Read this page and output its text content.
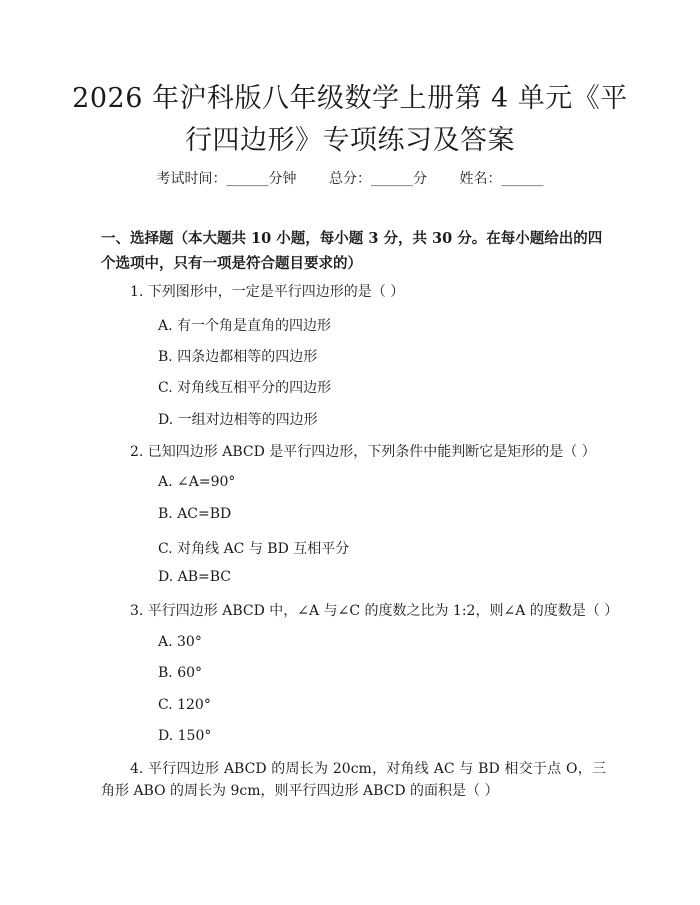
2026 年沪科版八年级数学上册第 4 单元《平行四边形》专项练习及答案
考试时间：______分钟 总分：______分 姓名：______
一、选择题（本大题共 10 小题，每小题 3 分，共 30 分。在每小题给出的四个选项中，只有一项是符合题目要求的）
1. 下列图形中，一定是平行四边形的是（ ）
A. 有一个角是直角的四边形
B. 四条边都相等的四边形
C. 对角线互相平分的四边形
D. 一组对边相等的四边形
2. 已知四边形 ABCD 是平行四边形，下列条件中能判断它是矩形的是（ ）
A. ∠A=90°
B. AC=BD
C. 对角线 AC 与 BD 互相平分
D. AB=BC
3. 平行四边形 ABCD 中，∠A 与∠C 的度数之比为 1:2，则∠A 的度数是（ ）
A. 30°
B. 60°
C. 120°
D. 150°
4. 平行四边形 ABCD 的周长为 20cm，对角线 AC 与 BD 相交于点 O，三角形 ABO 的周长为 9cm，则平行四边形 ABCD 的面积是（ ）
